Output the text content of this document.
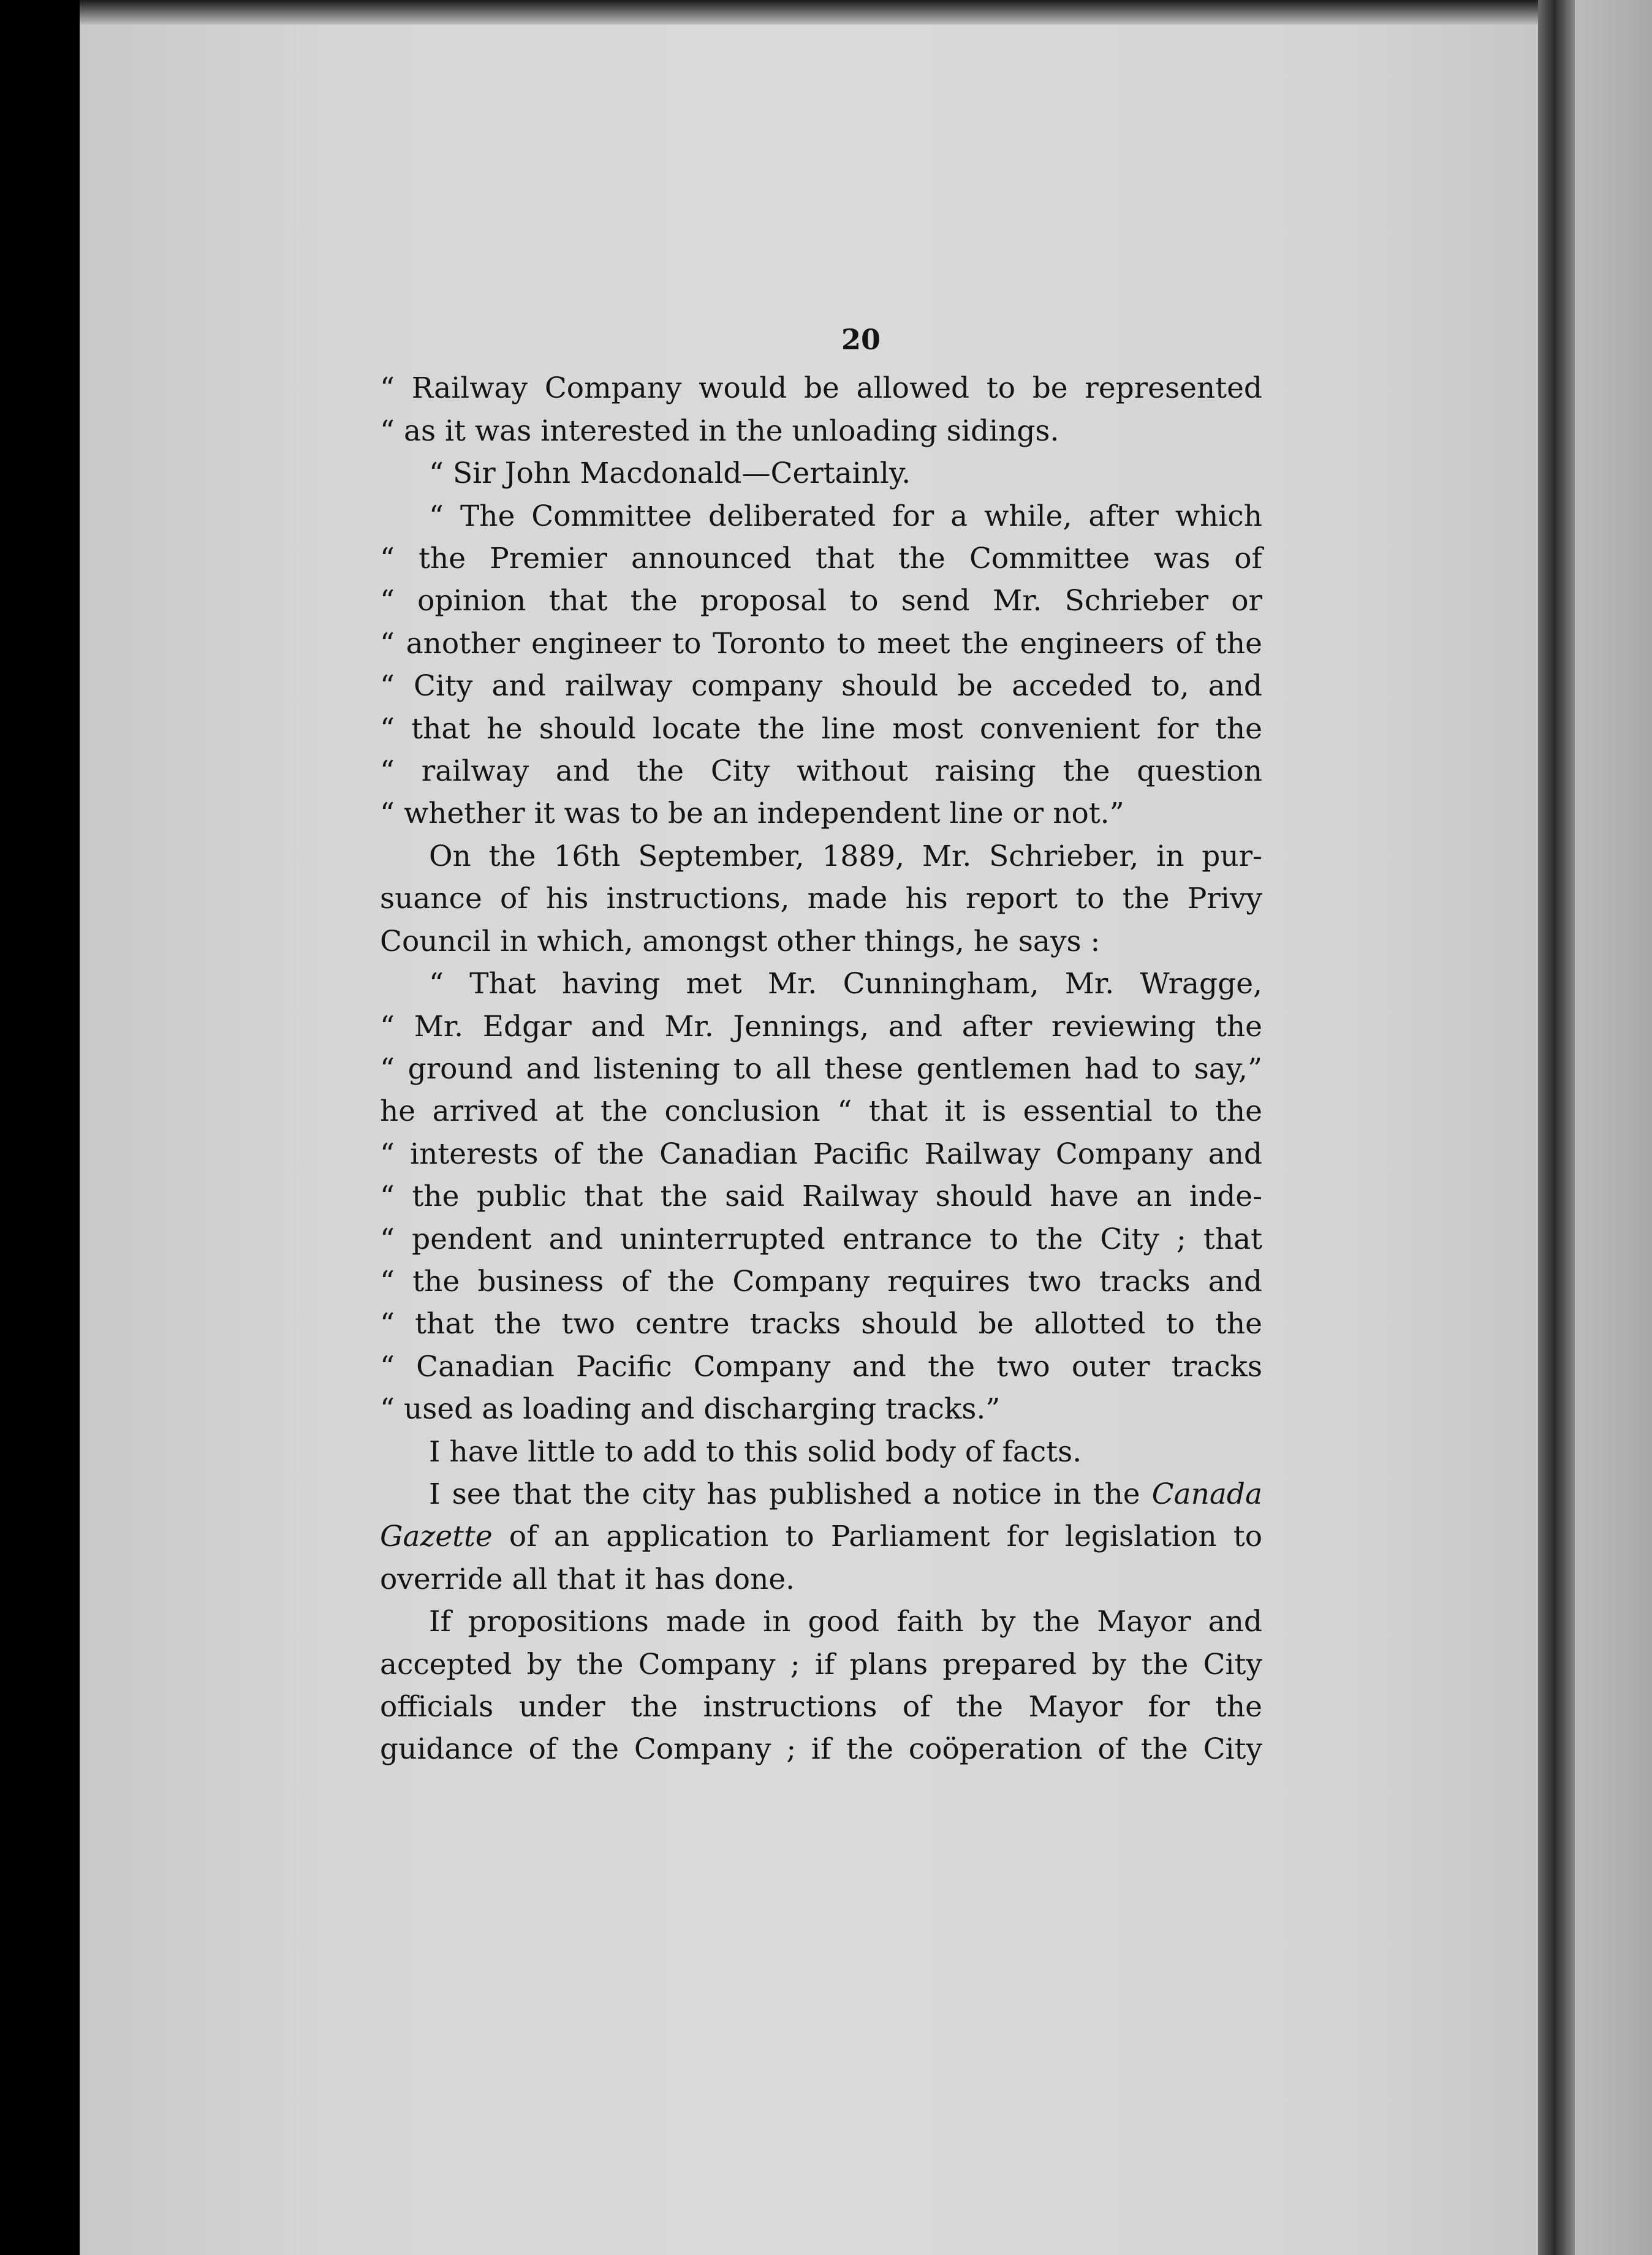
20
“ Railway Company would be allowed to be represented
“ as it was interested in the unloading sidings.
“ Sir John Macdonald—Certainly.
“ The Committee deliberated for a while, after which
“ the Premier announced that the Committee was of
“ opinion that the proposal to send Mr. Schrieber or
“ another engineer to Toronto to meet the engineers of the
“ City and railway company should be acceded to, and
“ that he should locate the line most convenient for the
“ railway and the City without raising the question
“ whether it was to be an independent line or not.”
On the 16th September, 1889, Mr. Schrieber, in pur-
suance of his instructions, made his report to the Privy
Council in which, amongst other things, he says :
“ That having met Mr. Cunningham, Mr. Wragge,
“ Mr. Edgar and Mr. Jennings, and after reviewing the
“ ground and listening to all these gentlemen had to say,”
he arrived at the conclusion “ that it is essential to the
“ interests of the Canadian Pacific Railway Company and
“ the public that the said Railway should have an inde-
“ pendent and uninterrupted entrance to the City ; that
“ the business of the Company requires two tracks and
“ that the two centre tracks should be allotted to the
“ Canadian Pacific Company and the two outer tracks
“ used as loading and discharging tracks.”
I have little to add to this solid body of facts.
I see that the city has published a notice in the Canada
Gazette of an application to Parliament for legislation to
override all that it has done.
If propositions made in good faith by the Mayor and
accepted by the Company ; if plans prepared by the City
officials under the instructions of the Mayor for the
guidance of the Company ; if the coöperation of the City
